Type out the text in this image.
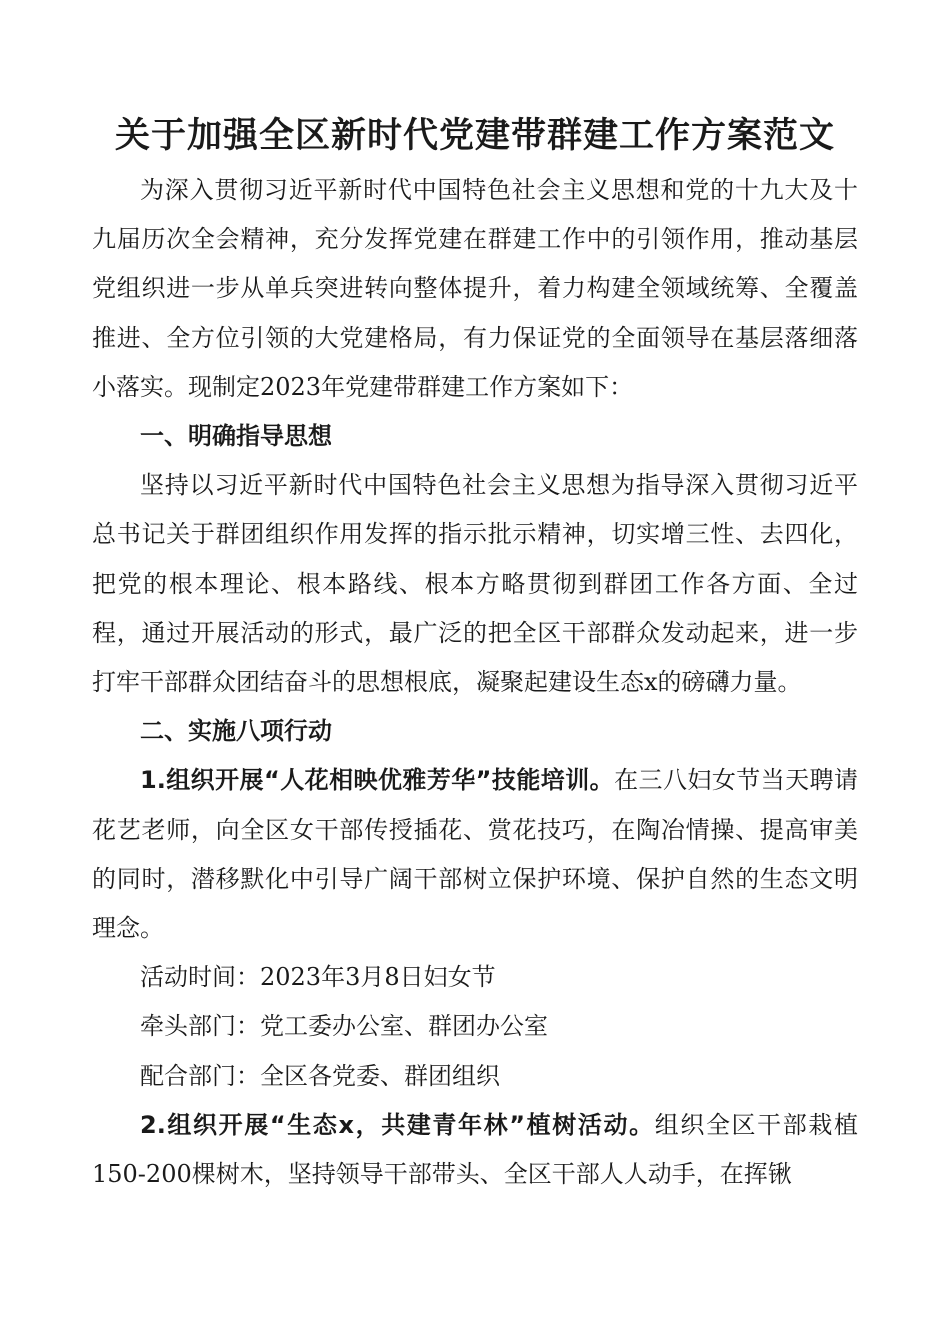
关于加强全区新时代党建带群建工作方案范文

为深入贯彻习近平新时代中国特色社会主义思想和党的十九大及十九届历次全会精神，充分发挥党建在群建工作中的引领作用，推动基层党组织进一步从单兵突进转向整体提升，着力构建全领域统筹、全覆盖推进、全方位引领的大党建格局，有力保证党的全面领导在基层落细落小落实。现制定2023年党建带群建工作方案如下：

一、明确指导思想

坚持以习近平新时代中国特色社会主义思想为指导深入贯彻习近平总书记关于群团组织作用发挥的指示批示精神，切实增三性、去四化，把党的根本理论、根本路线、根本方略贯彻到群团工作各方面、全过程，通过开展活动的形式，最广泛的把全区干部群众发动起来，进一步打牢干部群众团结奋斗的思想根底，凝聚起建设生态x的磅礴力量。

二、实施八项行动

1.组织开展“人花相映优雅芳华”技能培训。在三八妇女节当天聘请花艺老师，向全区女干部传授插花、赏花技巧，在陶冶情操、提高审美的同时，潜移默化中引导广阔干部树立保护环境、保护自然的生态文明理念。

活动时间：2023年3月8日妇女节

牵头部门：党工委办公室、群团办公室

配合部门：全区各党委、群团组织

2.组织开展“生态x，共建青年林”植树活动。组织全区干部栽植150-200棵树木，坚持领导干部带头、全区干部人人动手，在挥锹
